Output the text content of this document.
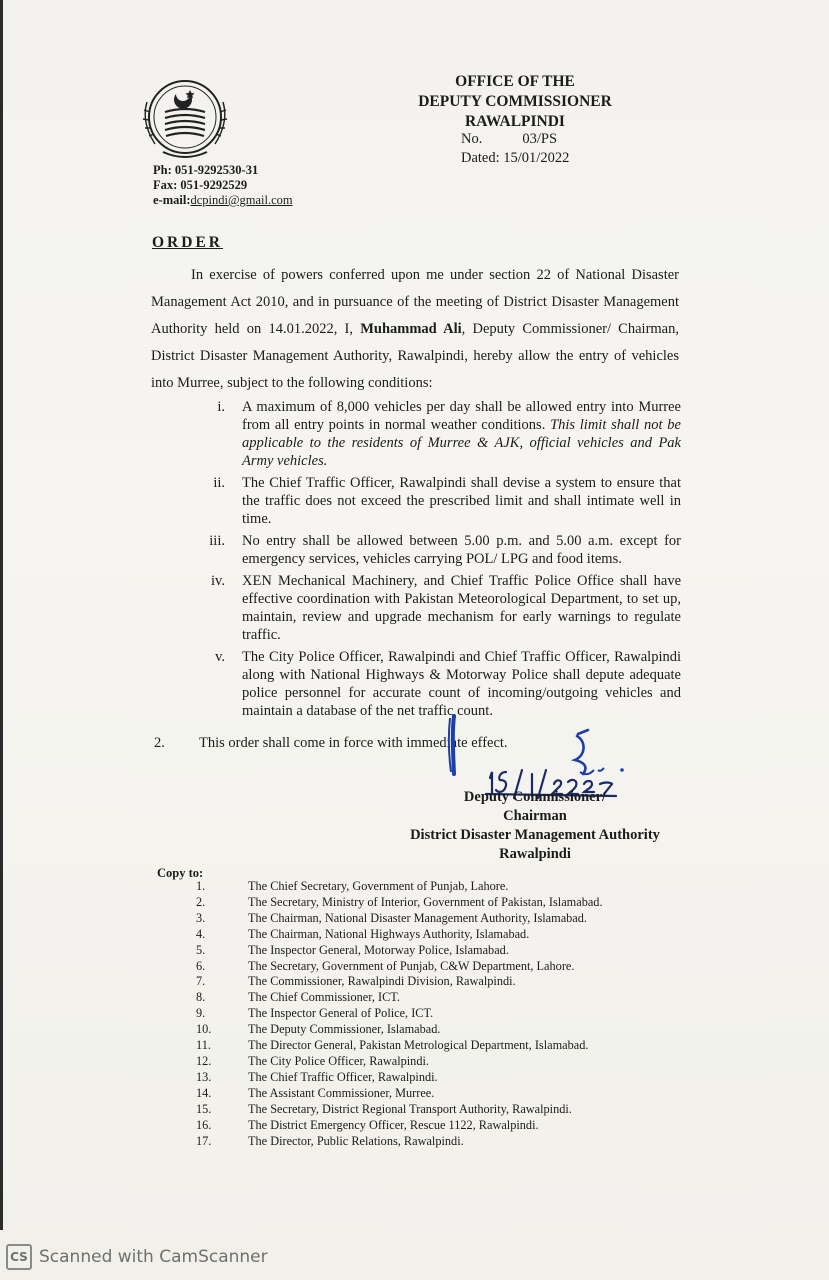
OFFICE OF THE
DEPUTY COMMISSIONER
RAWALPINDI
No.	03/PS
Dated: 15/01/2022
Ph: 051-9292530-31
Fax: 051-9292529
e-mail:dcpindi@gmail.com
ORDER
In exercise of powers conferred upon me under section 22 of National Disaster Management Act 2010, and in pursuance of the meeting of District Disaster Management Authority held on 14.01.2022, I, Muhammad Ali, Deputy Commissioner/ Chairman, District Disaster Management Authority, Rawalpindi, hereby allow the entry of vehicles into Murree, subject to the following conditions:
i. A maximum of 8,000 vehicles per day shall be allowed entry into Murree from all entry points in normal weather conditions. This limit shall not be applicable to the residents of Murree & AJK, official vehicles and Pak Army vehicles.
ii. The Chief Traffic Officer, Rawalpindi shall devise a system to ensure that the traffic does not exceed the prescribed limit and shall intimate well in time.
iii. No entry shall be allowed between 5.00 p.m. and 5.00 a.m. except for emergency services, vehicles carrying POL/ LPG and food items.
iv. XEN Mechanical Machinery, and Chief Traffic Police Office shall have effective coordination with Pakistan Meteorological Department, to set up, maintain, review and upgrade mechanism for early warnings to regulate traffic.
v. The City Police Officer, Rawalpindi and Chief Traffic Officer, Rawalpindi along with National Highways & Motorway Police shall depute adequate police personnel for accurate count of incoming/outgoing vehicles and maintain a database of the net traffic count.
2. This order shall come in force with immediate effect.
Deputy Commissioner/
Chairman
District Disaster Management Authority
Rawalpindi
Copy to:
1.	The Chief Secretary, Government of Punjab, Lahore.
2.	The Secretary, Ministry of Interior, Government of Pakistan, Islamabad.
3.	The Chairman, National Disaster Management Authority, Islamabad.
4.	The Chairman, National Highways Authority, Islamabad.
5.	The Inspector General, Motorway Police, Islamabad.
6.	The Secretary, Government of Punjab, C&W Department, Lahore.
7.	The Commissioner, Rawalpindi Division, Rawalpindi.
8.	The Chief Commissioner, ICT.
9.	The Inspector General of Police, ICT.
10.	The Deputy Commissioner, Islamabad.
11.	The Director General, Pakistan Metrological Department, Islamabad.
12.	The City Police Officer, Rawalpindi.
13.	The Chief Traffic Officer, Rawalpindi.
14.	The Assistant Commissioner, Murree.
15.	The Secretary, District Regional Transport Authority, Rawalpindi.
16.	The District Emergency Officer, Rescue 1122, Rawalpindi.
17.	The Director, Public Relations, Rawalpindi.
CS Scanned with CamScanner
